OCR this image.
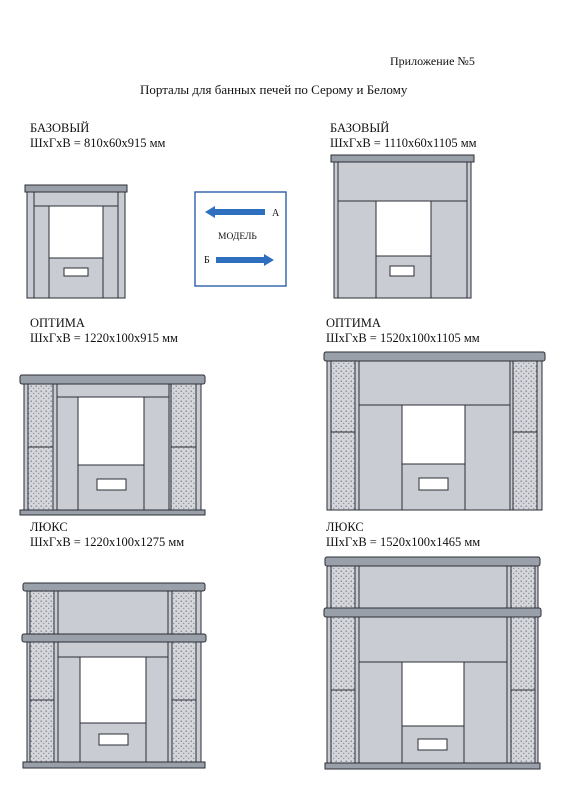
Приложение №5
Порталы для банных печей по Серому и Белому
БАЗОВЫЙ
ШхГхВ = 810х60х915 мм
БАЗОВЫЙ
ШхГхВ = 1110х60х1105 мм
ОПТИМА
ШхГхВ = 1220х100х915 мм
ОПТИМА
ШхГхВ = 1520х100х1105 мм
ЛЮКС
ШхГхВ = 1220х100х1275 мм
ЛЮКС
ШхГхВ = 1520х100х1465 мм
А
МОДЕЛЬ
Б
